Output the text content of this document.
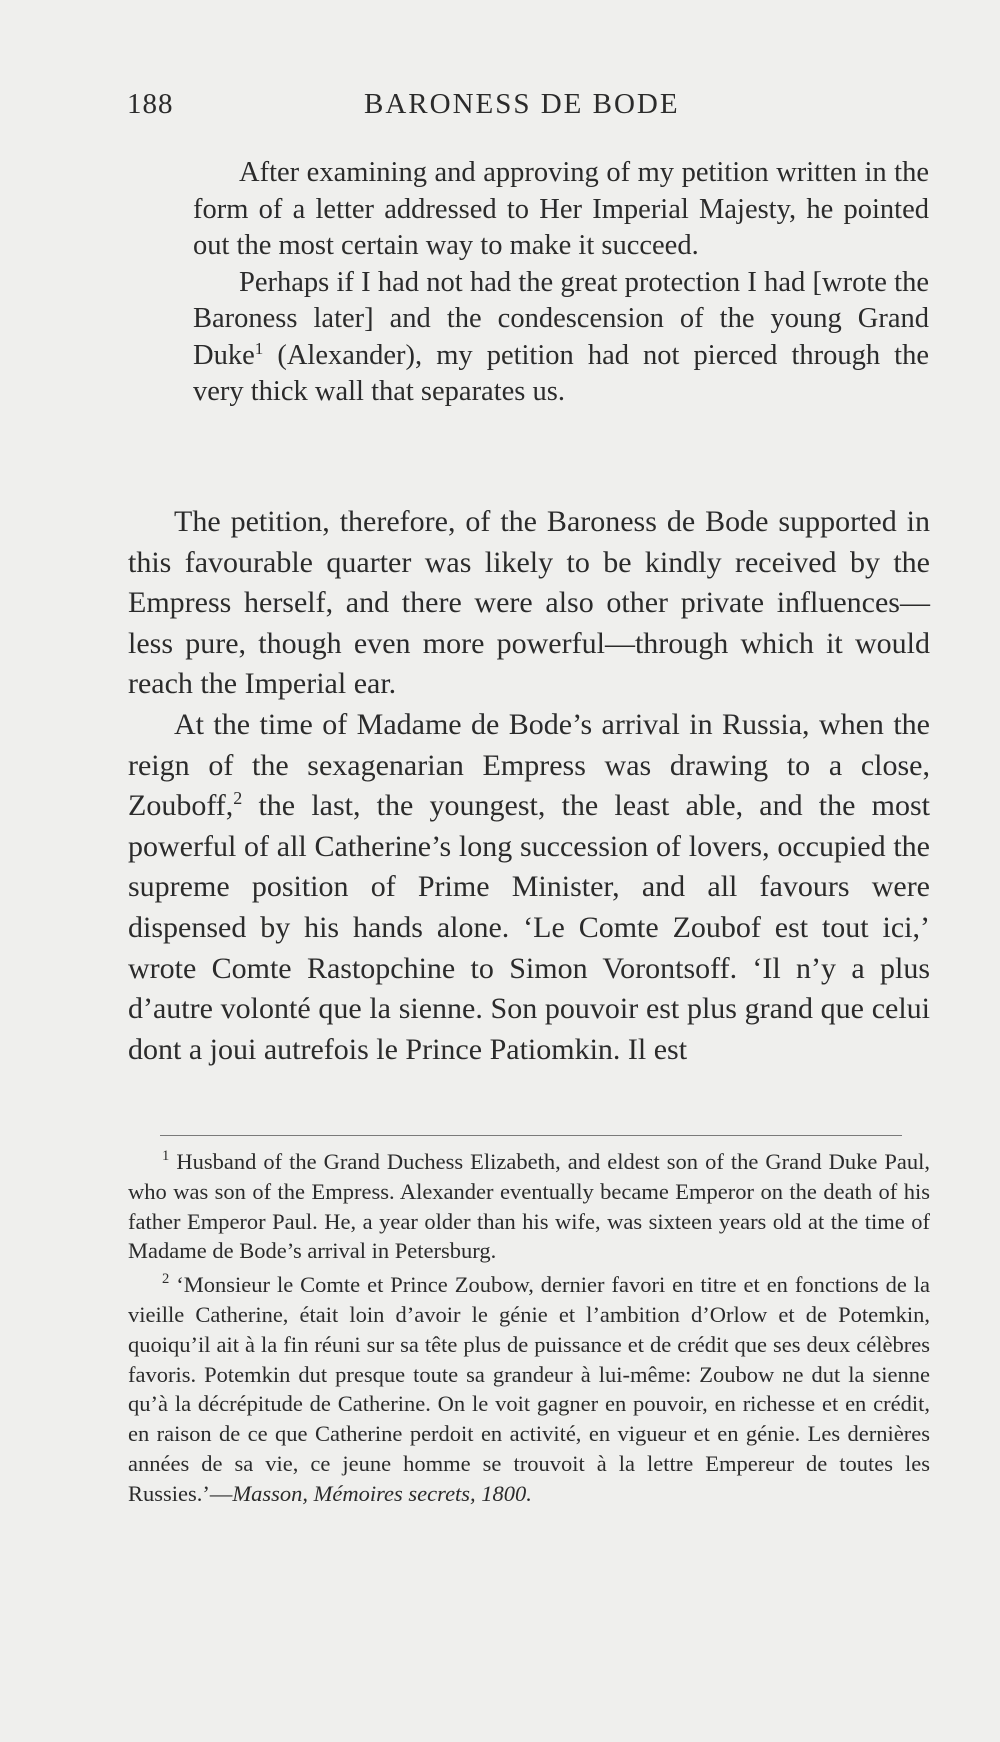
188	BARONESS DE BODE

After examining and approving of my petition written in the form of a letter addressed to Her Imperial Majesty, he pointed out the most certain way to make it succeed.

Perhaps if I had not had the great protection I had [wrote the Baroness later] and the condescension of the young Grand Duke$^1$ (Alexander), my petition had not pierced through the very thick wall that separates us.

The petition, therefore, of the Baroness de Bode supported in this favourable quarter was likely to be kindly received by the Empress herself, and there were also other private influences—less pure, though even more powerful—through which it would reach the Imperial ear.

At the time of Madame de Bode’s arrival in Russia, when the reign of the sexagenarian Empress was drawing to a close, Zouboff,$^2$ the last, the youngest, the least able, and the most powerful of all Catherine’s long succession of lovers, occupied the supreme position of Prime Minister, and all favours were dispensed by his hands alone. ‘Le Comte Zoubof est tout ici,’ wrote Comte Rastopchine to Simon Vorontsoff. ‘Il n’y a plus d’autre volonté que la sienne. Son pouvoir est plus grand que celui dont a joui autrefois le Prince Patiomkin. Il est

$^1$ Husband of the Grand Duchess Elizabeth, and eldest son of the Grand Duke Paul, who was son of the Empress. Alexander eventually became Emperor on the death of his father Emperor Paul. He, a year older than his wife, was sixteen years old at the time of Madame de Bode’s arrival in Petersburg.

$^2$ ‘Monsieur le Comte et Prince Zoubow, dernier favori en titre et en fonctions de la vieille Catherine, était loin d’avoir le génie et l’ambition d’Orlow et de Potemkin, quoiqu’il ait à la fin réuni sur sa tête plus de puissance et de crédit que ses deux célèbres favoris. Potemkin dut presque toute sa grandeur à lui-même: Zoubow ne dut la sienne qu’à la décrépitude de Catherine. On le voit gagner en pouvoir, en richesse et en crédit, en raison de ce que Catherine perdoit en activité, en vigueur et en génie. Les dernières années de sa vie, ce jeune homme se trouvoit à la lettre Empereur de toutes les Russies.’—Masson, Mémoires secrets, 1800.
